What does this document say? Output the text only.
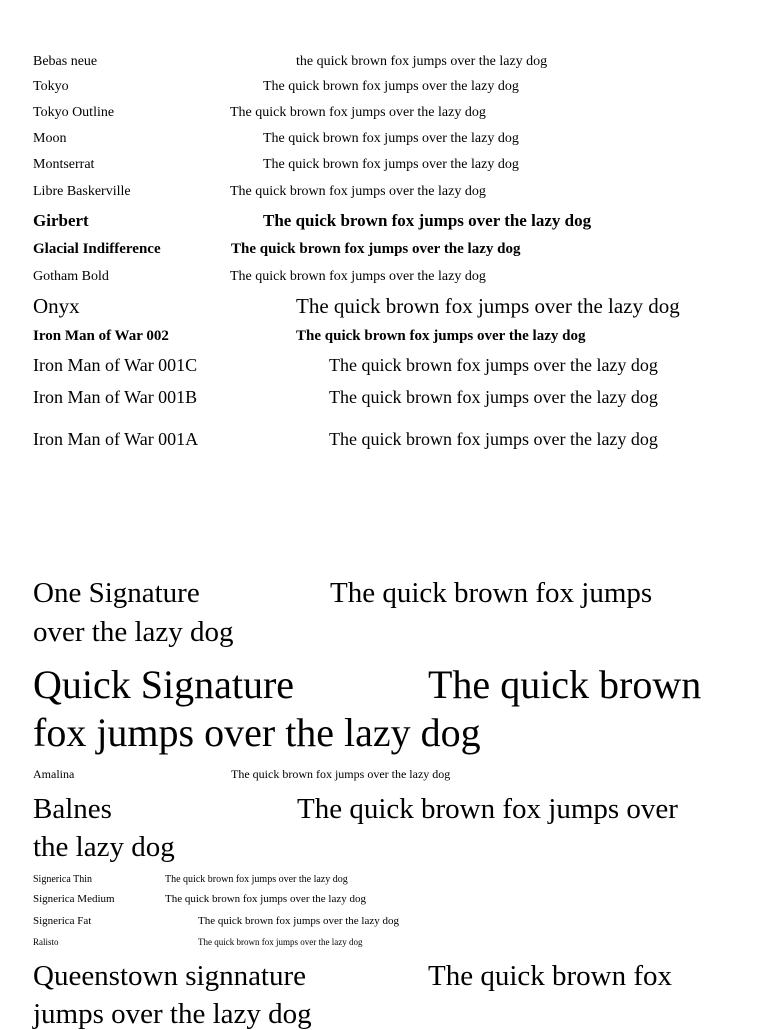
Bebas neue	the quick brown fox jumps over the lazy dog
Tokyo	The quick brown fox jumps over the lazy dog
Tokyo Outline	The quick brown fox jumps over the lazy dog
Moon	The quick brown fox jumps over the lazy dog
Montserrat	The quick brown fox jumps over the lazy dog
Libre Baskerville	The quick brown fox jumps over the lazy dog
Girbert	The quick brown fox jumps over the lazy dog
Glacial Indifference	The quick brown fox jumps over the lazy dog
Gotham Bold	The quick brown fox jumps over the lazy dog
Onyx	The quick brown fox jumps over the lazy dog
Iron Man of War 002	The quick brown fox jumps over the lazy dog
Iron Man of War 001C	The quick brown fox jumps over the lazy dog
Iron Man of War 001B	The quick brown fox jumps over the lazy dog
Iron Man of War 001A	The quick brown fox jumps over the lazy dog
One Signature	The quick brown fox jumps
over the lazy dog
Quick Signature	The quick brown
fox jumps over the lazy dog
Amalina	The quick brown fox jumps over the lazy dog
Balnes	The quick brown fox jumps over
the lazy dog
Signerica Thin	The quick brown fox jumps over the lazy dog
Signerica Medium	The quick brown fox jumps over the lazy dog
Signerica Fat	The quick brown fox jumps over the lazy dog
Ralisto	The quick brown fox jumps over the lazy dog
Queenstown signnature	The quick brown fox
jumps over the lazy dog
